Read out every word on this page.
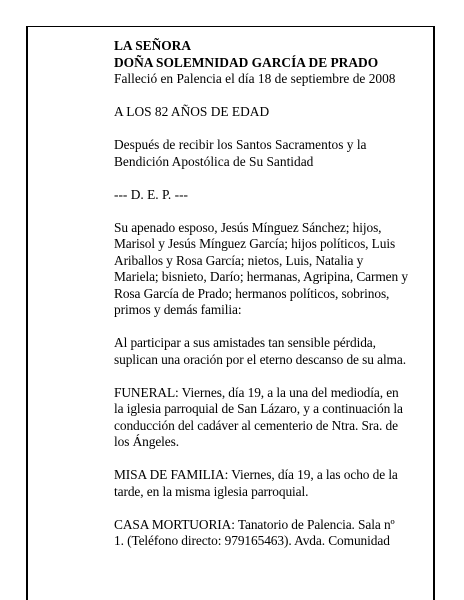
LA SEÑORA

DOÑA SOLEMNIDAD GARCÍA DE PRADO

Falleció en Palencia el día 18 de septiembre de 2008

A LOS 82 AÑOS DE EDAD

Después de recibir los Santos Sacramentos y la
Bendición Apostólica de Su Santidad

--- D. E. P. ---

Su apenado esposo, Jesús Mínguez Sánchez; hijos,
Marisol y Jesús Mínguez García; hijos políticos, Luis
Ariballos y Rosa García; nietos, Luis, Natalia y
Mariela; bisnieto, Darío; hermanas, Agripina, Carmen y
Rosa García de Prado; hermanos políticos, sobrinos,
primos y demás familia:

Al participar a sus amistades tan sensible pérdida,
suplican una oración por el eterno descanso de su alma.

FUNERAL: Viernes, día 19, a la una del mediodía, en
la iglesia parroquial de San Lázaro, y a continuación la
conducción del cadáver al cementerio de Ntra. Sra. de
los Ángeles.

MISA DE FAMILIA: Viernes, día 19, a las ocho de la
tarde, en la misma iglesia parroquial.

CASA MORTUORIA: Tanatorio de Palencia. Sala nº
1. (Teléfono directo: 979165463). Avda. Comunidad
